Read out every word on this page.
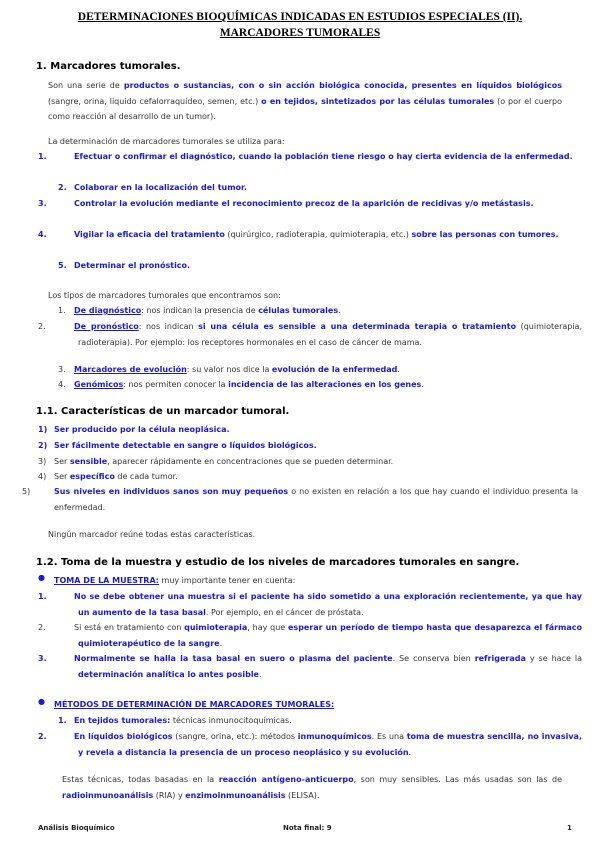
DETERMINACIONES BIOQUÍMICAS INDICADAS EN ESTUDIOS ESPECIALES (II).
MARCADORES TUMORALES
1. Marcadores tumorales.
Son una serie de productos o sustancias, con o sin acción biológica conocida, presentes en líquidos biológicos (sangre, orina, líquido cefalorraquídeo, semen, etc.) o en tejidos, sintetizados por las células tumorales (o por el cuerpo como reacción al desarrollo de un tumor).
La determinación de marcadores tumorales se utiliza para:
1.	Efectuar o confirmar el diagnóstico, cuando la población tiene riesgo o hay cierta evidencia de la enfermedad.
2. Colaborar en la localización del tumor.
3.	Controlar la evolución mediante el reconocimiento precoz de la aparición de recidivas y/o metástasis.
4.	Vigilar la eficacia del tratamiento (quirúrgico, radioterapia, quimioterapia, etc.) sobre las personas con tumores.
5. Determinar el pronóstico.
Los tipos de marcadores tumorales que encontramos son:
1. De diagnóstico: nos indican la presencia de células tumorales.
2.	De pronóstico: nos indican si una célula es sensible a una determinada terapia o tratamiento (quimioterapia, radioterapia). Por ejemplo: los receptores hormonales en el caso de cáncer de mama.
3. Marcadores de evolución: su valor nos dice la evolución de la enfermedad.
4. Genómicos: nos permiten conocer la incidencia de las alteraciones en los genes.
1.1. Características de un marcador tumoral.
1) Ser producido por la célula neoplásica.
2) Ser fácilmente detectable en sangre o líquidos biológicos.
3) Ser sensible, aparecer rápidamente en concentraciones que se pueden determinar.
4) Ser específico de cada tumor.
5)	Sus niveles en individuos sanos son muy pequeños o no existen en relación a los que hay cuando el individuo presenta la enfermedad.
Ningún marcador reúne todas estas características.
1.2. Toma de la muestra y estudio de los niveles de marcadores tumorales en sangre.
● TOMA DE LA MUESTRA: muy importante tener en cuenta:
1.	No se debe obtener una muestra si el paciente ha sido sometido a una exploración recientemente, ya que hay un aumento de la tasa basal. Por ejemplo, en el cáncer de próstata.
2.	Si está en tratamiento con quimioterapia, hay que esperar un período de tiempo hasta que desaparezca el fármaco quimioterapéutico de la sangre.
3.	Normalmente se halla la tasa basal en suero o plasma del paciente. Se conserva bien refrigerada y se hace la determinación analítica lo antes posible.
● MÉTODOS DE DETERMINACIÓN DE MARCADORES TUMORALES:
1. En tejidos tumorales: técnicas inmunocitoquímicas.
2.	En líquidos biológicos (sangre, orina, etc.): métodos inmunoquímicos. Es una toma de muestra sencilla, no invasiva, y revela a distancia la presencia de un proceso neoplásico y su evolución.
Estas técnicas, todas basadas en la reacción antígeno-anticuerpo, son muy sensibles. Las más usadas son las de radioinmunoanálisis (RIA) y enzimoinmunoanálisis (ELISA).
Análisis Bioquímico	Nota final: 9	1
